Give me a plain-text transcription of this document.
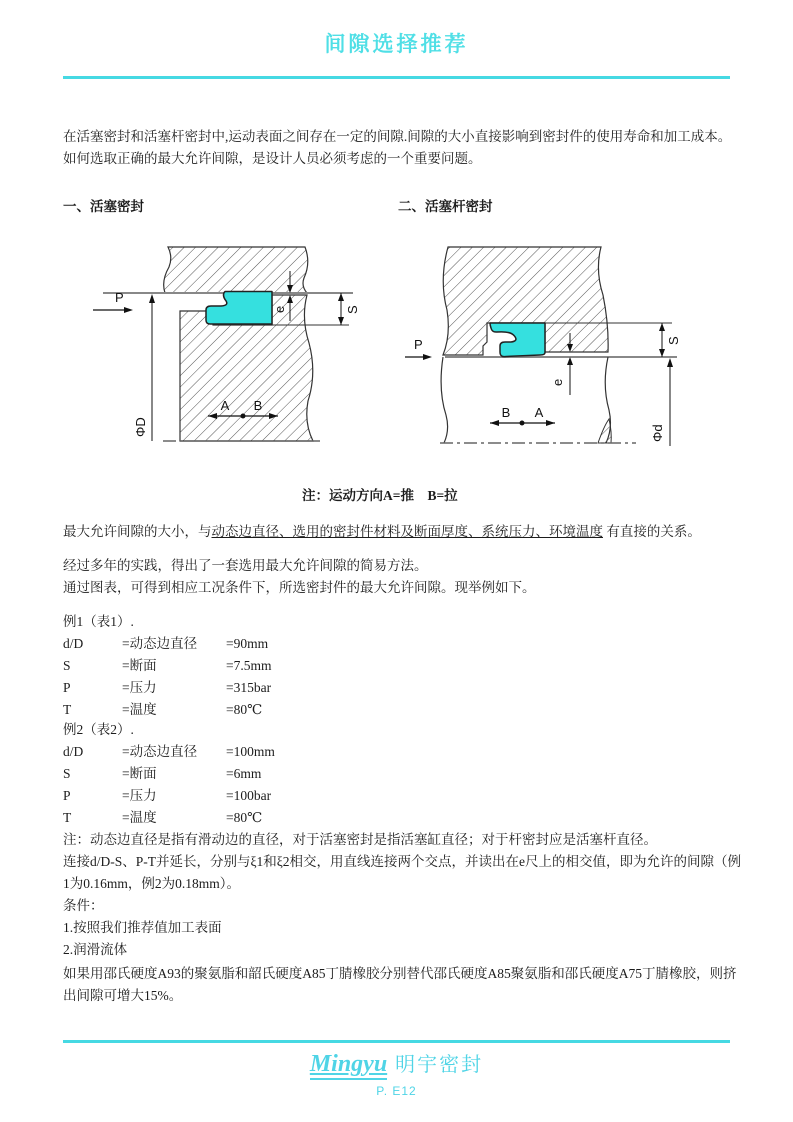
间隙选择推荐
在活塞密封和活塞杆密封中,运动表面之间存在一定的间隙.间隙的大小直接影响到密封件的使用寿命和加工成本。如何选取正确的最大允许间隙，是设计人员必须考虑的一个重要问题。
一、活塞密封	二、活塞杆密封
P
e	S
ΦD
A B
P
e
S
Φd
B A
注：运动方向A=推　B=拉
最大允许间隙的大小，与动态边直径、选用的密封件材料及断面厚度、系统压力、环境温度 有直接的关系。
经过多年的实践，得出了一套选用最大允许间隙的简易方法。
通过图表，可得到相应工况条件下，所选密封件的最大允许间隙。现举例如下。
例1（表1）.
d/D	=动态边直径	=90mm
S	=断面	=7.5mm
P	=压力	=315bar
T	=温度	=80℃
例2（表2）.
d/D	=动态边直径	=100mm
S	=断面	=6mm
P	=压力	=100bar
T	=温度	=80℃
注：动态边直径是指有滑动边的直径，对于活塞密封是指活塞缸直径；对于杆密封应是活塞杆直径。
连接d/D-S、P-T并延长，分别与ξ1和ξ2相交，用直线连接两个交点，并读出在e尺上的相交值，即为允许的间隙（例1为0.16mm，例2为0.18mm）。
条件：
1.按照我们推荐值加工表面
2.润滑流体
如果用邵氏硬度A93的聚氨脂和韶氏硬度A85丁腈橡胶分别替代邵氏硬度A85聚氨脂和邵氏硬度A75丁腈橡胶，则挤出间隙可增大15%。
Mingyu 明宇密封
P. E12
